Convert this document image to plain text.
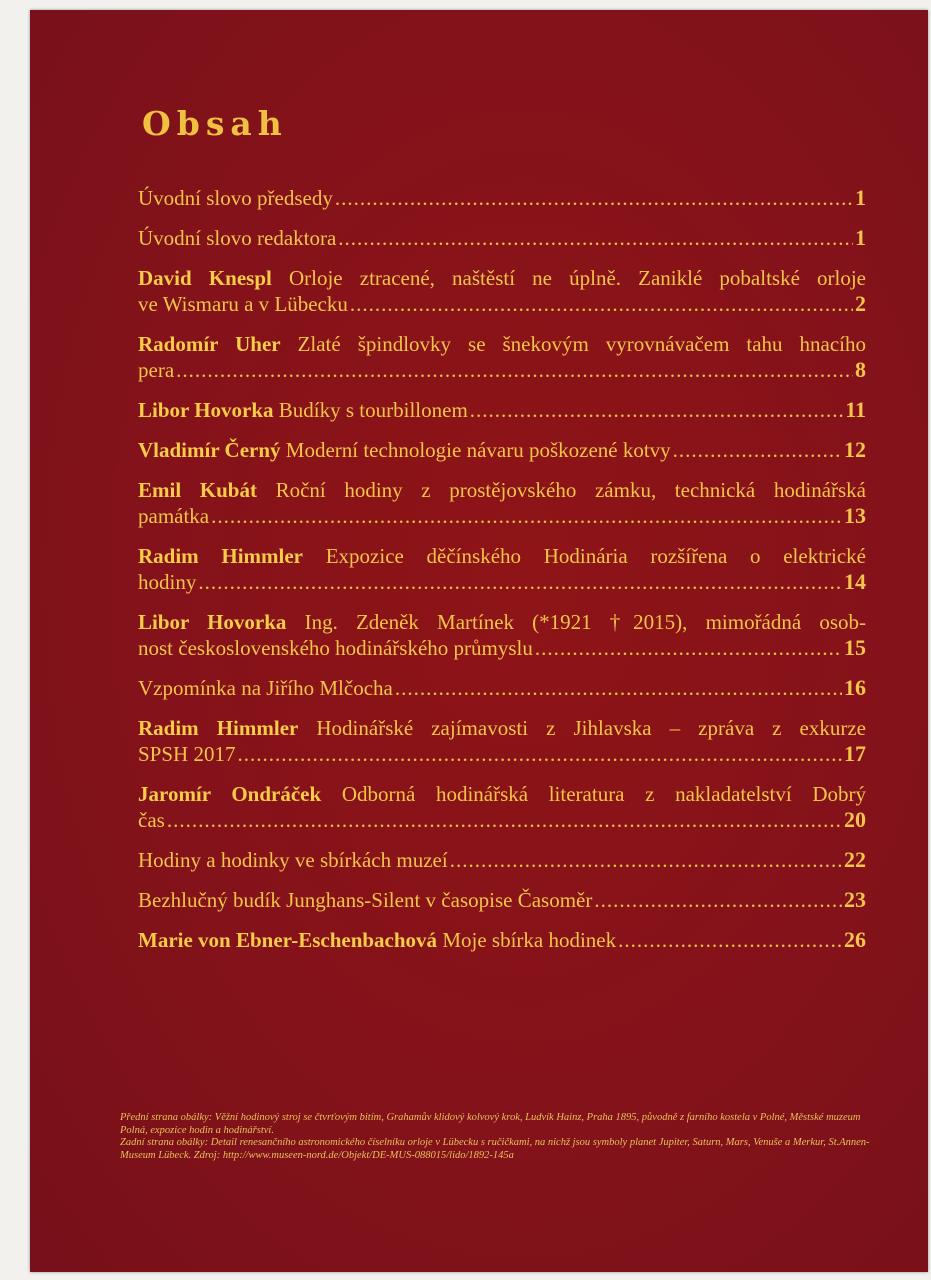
Obsah
Úvodní slovo předsedy .....	1
Úvodní slovo redaktora .....	1
David Knespl Orloje ztracené, naštěstí ne úplně. Zaniklé pobaltské orloje
ve Wismaru a v Lübecku .....	2
Radomír Uher Zlaté špindlovky se šnekovým vyrovnávačem tahu hnacího
pera .....	8
Libor Hovorka Budíky s tourbillonem .....	11
Vladimír Černý Moderní technologie návaru poškozené kotvy .....	12
Emil Kubát Roční hodiny z prostějovského zámku, technická hodinářská
památka .....	13
Radim Himmler Expozice děčínského Hodinária rozšířena o elektrické
hodiny .....	14
Libor Hovorka Ing. Zdeněk Martínek (*1921 †2015), mimořádná osob-
nost československého hodinářského průmyslu .....	15
Vzpomínka na Jiřího Mlčocha .....	16
Radim Himmler Hodinářské zajímavosti z Jihlavska – zpráva z exkurze
SPSH 2017 .....	17
Jaromír Ondráček Odborná hodinářská literatura z nakladatelství Dobrý
čas .....	20
Hodiny a hodinky ve sbírkách muzeí .....	22
Bezhlučný budík Junghans-Silent v časopise Časoměr .....	23
Marie von Ebner-Eschenbachová Moje sbírka hodinek .....	26

Přední strana obálky: Věžní hodinový stroj se čtvrťovým bitím, Grahamův klidový kolvový krok, Ludvík Hainz, Praha 1895, původně z farního kostela v Polné, Městské muzeum Polná, expozice hodin a hodinářství.

Zadní strana obálky: Detail renesančního astronomického číselníku orloje v Lübecku s ručičkami, na nichž jsou symboly planet Jupiter, Saturn, Mars, Venuše a Merkur, St.Annen-Museum Lübeck. Zdroj: http://www.museen-nord.de/Objekt/DE-MUS-088015/lido/1892-145a
